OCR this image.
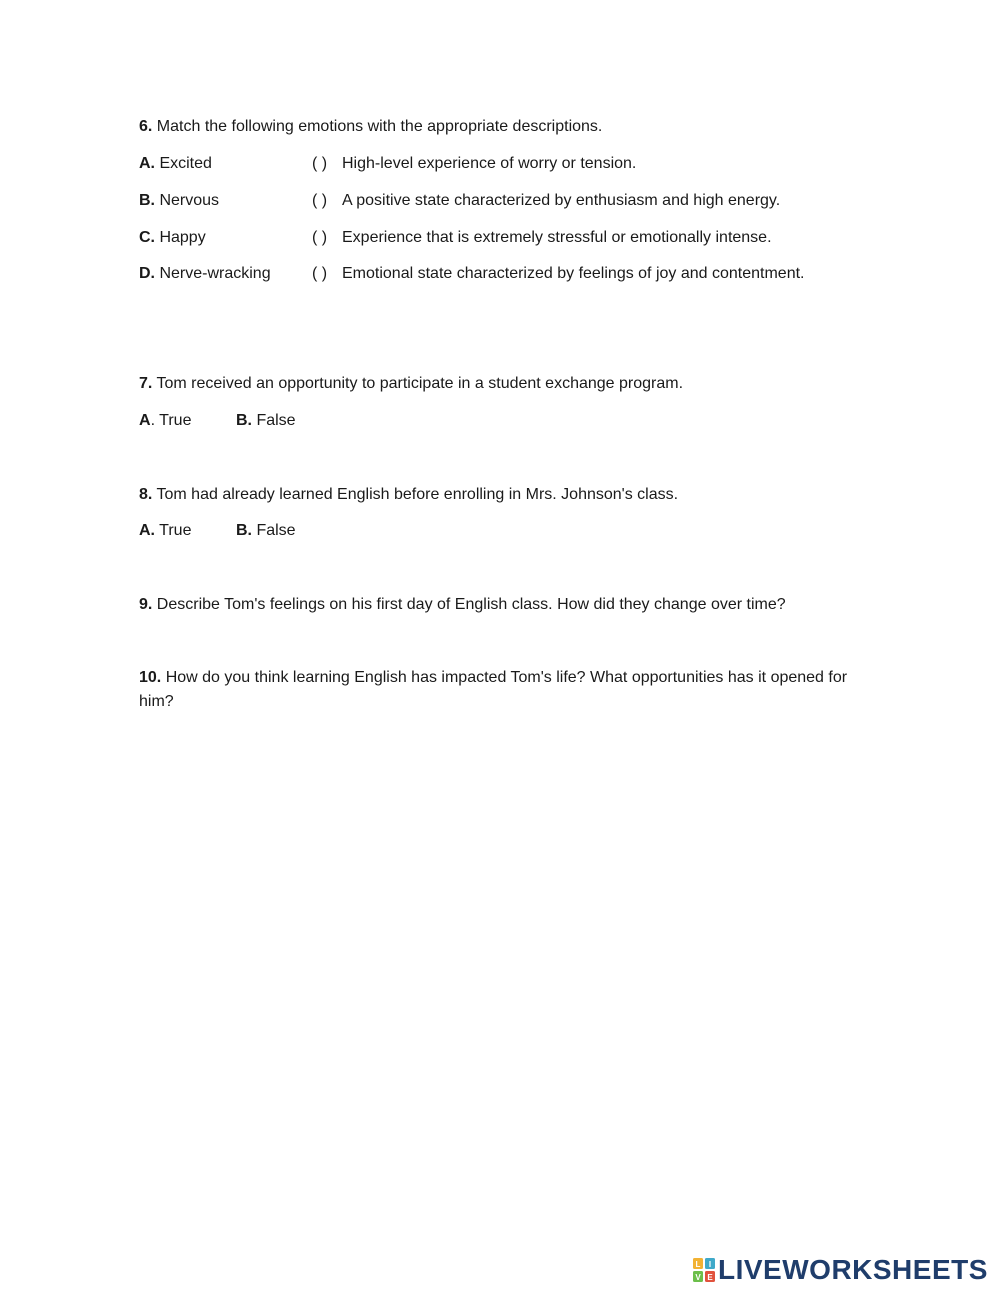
6. Match the following emotions with the appropriate descriptions.
A. Excited	( ) High-level experience of worry or tension.
B. Nervous	( ) A positive state characterized by enthusiasm and high energy.
C. Happy	( ) Experience that is extremely stressful or emotionally intense.
D. Nerve-wracking	( ) Emotional state characterized by feelings of joy and contentment.
7. Tom received an opportunity to participate in a student exchange program.
A. True	B. False
8. Tom had already learned English before enrolling in Mrs. Johnson's class.
A. True	B. False
9. Describe Tom's feelings on his first day of English class. How did they change over time?
10. How do you think learning English has impacted Tom's life? What opportunities has it opened for him?
L I
V E LIVEWORKSHEETS
